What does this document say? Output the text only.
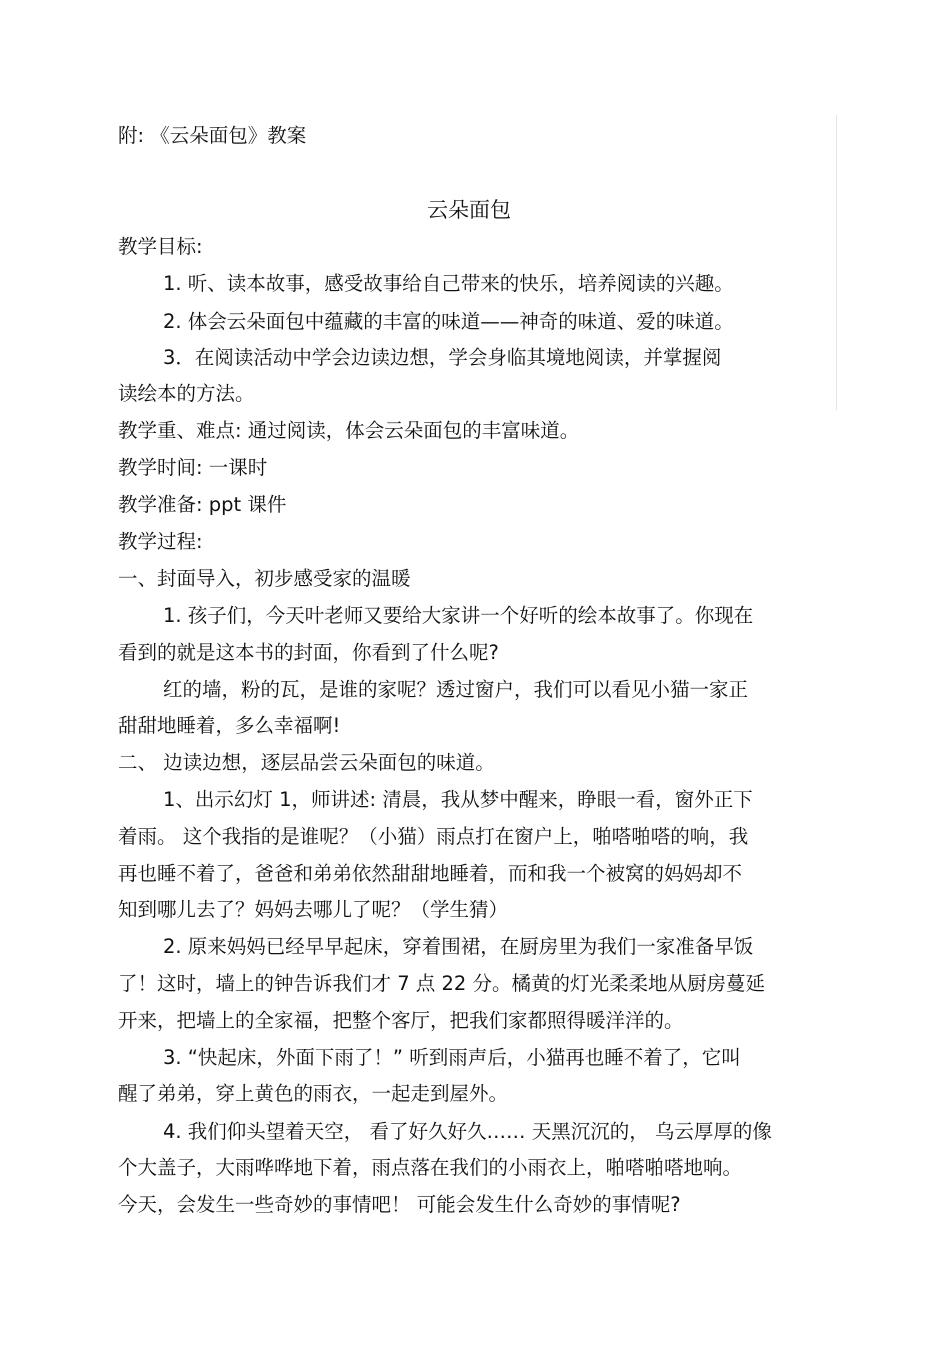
附: 《云朵面包》教案
云朵面包
教学目标:
1. 听、读本故事，感受故事给自己带来的快乐，培养阅读的兴趣。
2. 体会云朵面包中蕴藏的丰富的味道——神奇的味道、爱的味道。
3．在阅读活动中学会边读边想，学会身临其境地阅读，并掌握阅
读绘本的方法。
教学重、难点: 通过阅读，体会云朵面包的丰富味道。
教学时间: 一课时
教学准备: ppt 课件
教学过程:
一、封面导入，初步感受家的温暖
1. 孩子们，今天叶老师又要给大家讲一个好听的绘本故事了。你现在
看到的就是这本书的封面，你看到了什么呢?
红的墙，粉的瓦，是谁的家呢？透过窗户，我们可以看见小猫一家正
甜甜地睡着，多么幸福啊!
二、 边读边想，逐层品尝云朵面包的味道。
1、出示幻灯 1，师讲述: 清晨，我从梦中醒来，睁眼一看，窗外正下
着雨。 这个我指的是谁呢？（小猫）雨点打在窗户上，啪嗒啪嗒的响，我
再也睡不着了，爸爸和弟弟依然甜甜地睡着，而和我一个被窝的妈妈却不
知到哪儿去了？妈妈去哪儿了呢？（学生猜）
2. 原来妈妈已经早早起床，穿着围裙，在厨房里为我们一家准备早饭
了！这时，墙上的钟告诉我们才 7 点 22 分。橘黄的灯光柔柔地从厨房蔓延
开来，把墙上的全家福，把整个客厅，把我们家都照得暖洋洋的。
3. “快起床，外面下雨了！” 听到雨声后，小猫再也睡不着了，它叫
醒了弟弟，穿上黄色的雨衣，一起走到屋外。
4. 我们仰头望着天空， 看了好久好久…… 天黑沉沉的， 乌云厚厚的像
个大盖子，大雨哗哗地下着，雨点落在我们的小雨衣上，啪嗒啪嗒地响。
今天，会发生一些奇妙的事情吧！ 可能会发生什么奇妙的事情呢?
